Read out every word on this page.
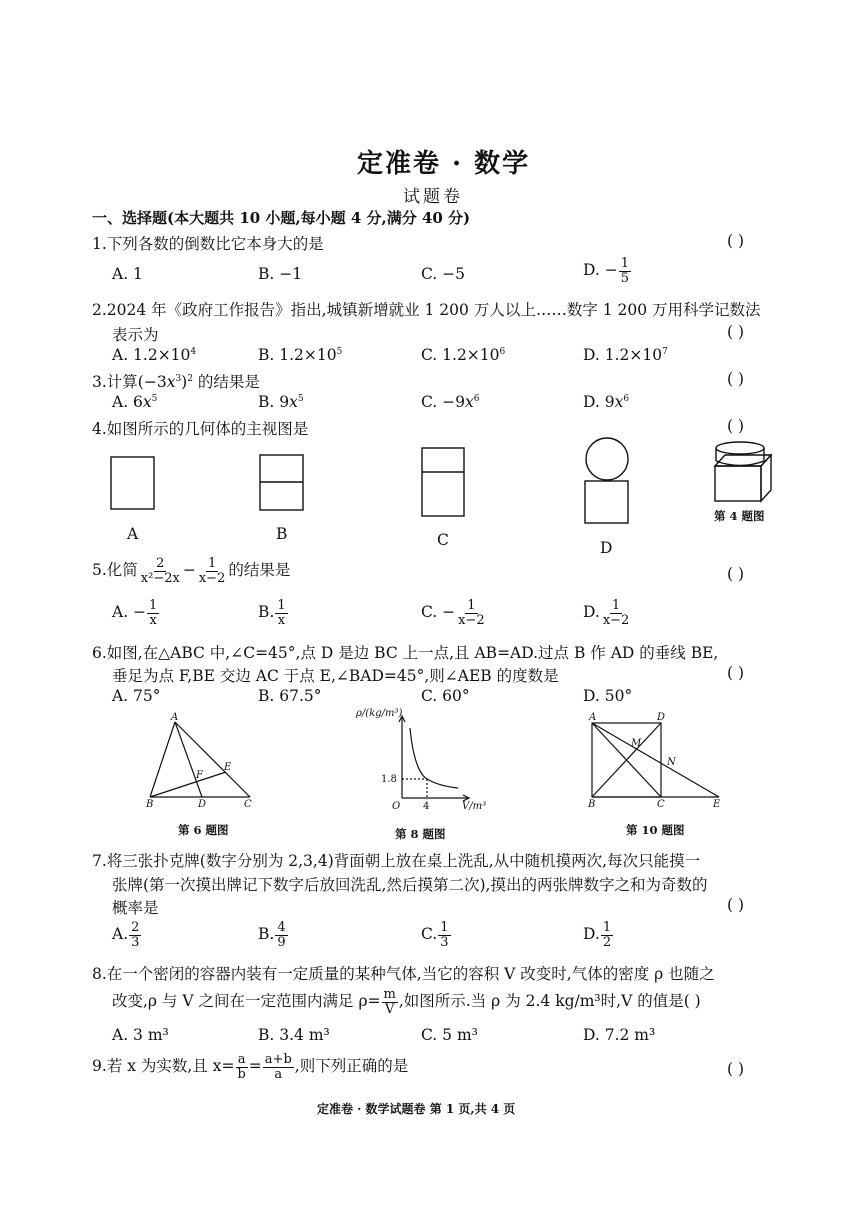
定准卷 · 数学
试题卷
一、选择题(本大题共 10 小题,每小题 4 分,满分 40 分)
1.下列各数的倒数比它本身大的是	( )
A. 1	B. −1	C. −5	D. − $\frac{1}{5}$
2.2024 年《政府工作报告》指出,城镇新增就业 1 200 万人以上……数字 1 200 万用科学记数法
表示为	( )
A. $1.2\times 10^4$	B. $1.2\times 10^5$	C. $1.2\times 10^6$	D. $1.2\times 10^7$
3.计算$(-3x^3)^2$ 的结果是	( )
A. $6x^5$	B. $9x^5$	C. $-9x^6$	D. $9x^6$
4.如图所示的几何体的主视图是	( )
A	B	C	D
第 4 题图
5.化简 $\frac{2}{\text{x²−2x}} - \frac{1}{x-2}$ 的结果是	( )
A. − $\frac{1}{x}$	B. $\frac{1}{x}$	C. − $\frac{1}{x-2}$	D. $\frac{1}{x-2}$
6.如图,在△ABC 中,∠C=45°,点 D 是边 BC 上一点,且 AB=AD.过点 B 作 AD 的垂线 BE,
垂足为点 F,BE 交边 AC 于点 E,∠BAD=45°,则∠AEB 的度数是	( )
A. 75°	B. 67.5°	C. 60°	D. 50°
A
B	D	C
E
F
ρ/(kg/m³)
V/m³
O
1.8
4
A	D
M
N
B	C	E
第 6 题图	第 8 题图	第 10 题图
7.将三张扑克牌(数字分别为 2,3,4)背面朝上放在桌上洗乱,从中随机摸两次,每次只能摸一
张牌(第一次摸出牌记下数字后放回洗乱,然后摸第二次),摸出的两张牌数字之和为奇数的
概率是	( )
A. $\frac{2}{3}$	B. $\frac{4}{9}$	C. $\frac{1}{3}$	D. $\frac{1}{2}$
8.在一个密闭的容器内装有一定质量的某种气体,当它的容积 V 改变时,气体的密度 ρ 也随之
改变,ρ 与 V 之间在一定范围内满足 $\rho= \frac{m}{V}$ ,如图所示.当 ρ 为 2.4 kg/m³时,V 的值是( )
A. 3 m³	B. 3.4 m³	C. 5 m³	D. 7.2 m³
9.若 x 为实数,且 $x= \frac{a}{b} = \frac{a+b}{a}$ ,则下列正确的是	( )
定准卷 · 数学试题卷 第 1 页,共 4 页
